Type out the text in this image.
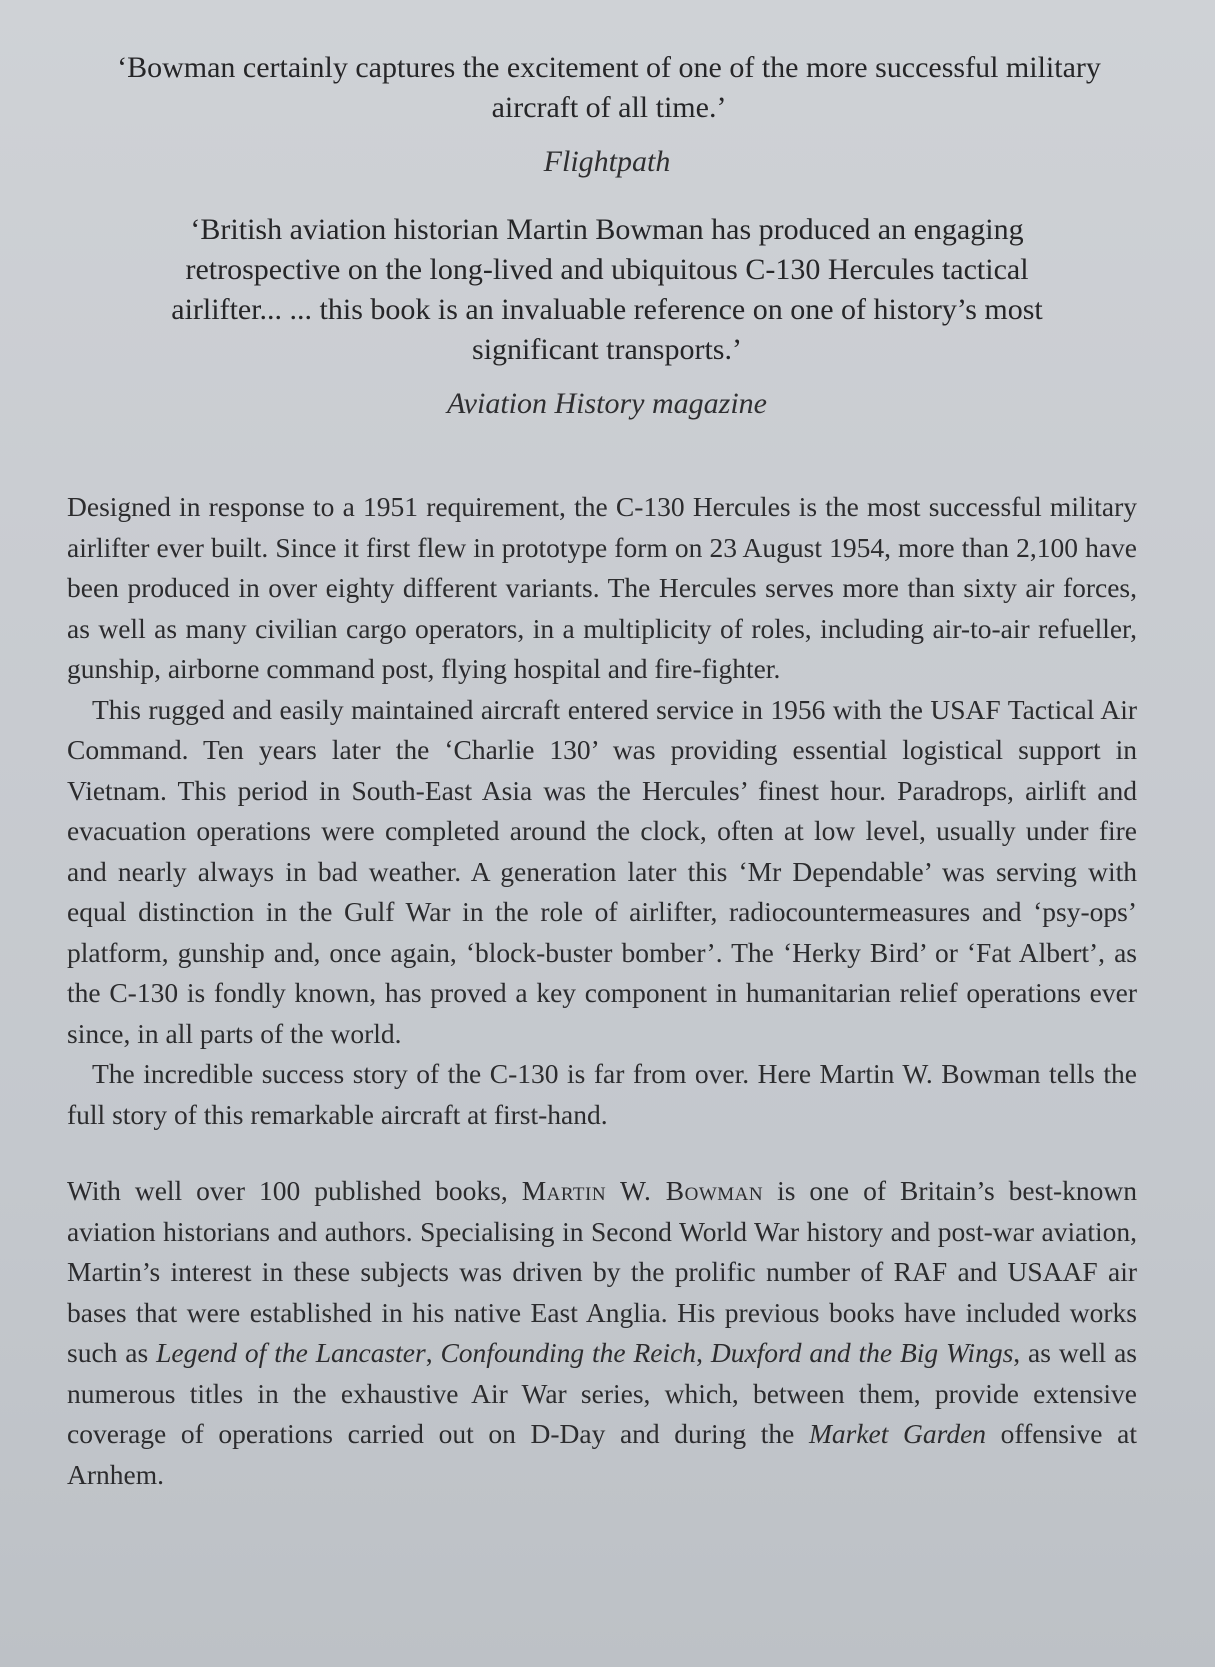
‘Bowman certainly captures the excitement of one of the more successful military aircraft of all time.’
Flightpath
‘British aviation historian Martin Bowman has produced an engaging retrospective on the long-lived and ubiquitous C-130 Hercules tactical airlifter... ... this book is an invaluable reference on one of history’s most significant transports.’
Aviation History magazine

Designed in response to a 1951 requirement, the C-130 Hercules is the most successful military airlifter ever built. Since it first flew in prototype form on 23 August 1954, more than 2,100 have been produced in over eighty different variants. The Hercules serves more than sixty air forces, as well as many civilian cargo operators, in a multiplicity of roles, including air-to-air refueller, gunship, airborne command post, flying hospital and fire-fighter.

This rugged and easily maintained aircraft entered service in 1956 with the USAF Tactical Air Command. Ten years later the ‘Charlie 130’ was providing essential logistical support in Vietnam. This period in South-East Asia was the Hercules’ finest hour. Paradrops, airlift and evacuation operations were completed around the clock, often at low level, usually under fire and nearly always in bad weather. A generation later this ‘Mr Dependable’ was serving with equal distinction in the Gulf War in the role of airlifter, radiocountermeasures and ‘psy-ops’ platform, gunship and, once again, ‘block-buster bomber’. The ‘Herky Bird’ or ‘Fat Albert’, as the C-130 is fondly known, has proved a key component in humanitarian relief operations ever since, in all parts of the world.

The incredible success story of the C-130 is far from over. Here Martin W. Bowman tells the full story of this remarkable aircraft at first-hand.

With well over 100 published books, Martin W. Bowman is one of Britain’s best-known aviation historians and authors. Specialising in Second World War history and post-war aviation, Martin’s interest in these subjects was driven by the prolific number of RAF and USAAF air bases that were established in his native East Anglia. His previous books have included works such as Legend of the Lancaster, Confounding the Reich, Duxford and the Big Wings, as well as numerous titles in the exhaustive Air War series, which, between them, provide extensive coverage of operations carried out on D-Day and during the Market Garden offensive at Arnhem.
